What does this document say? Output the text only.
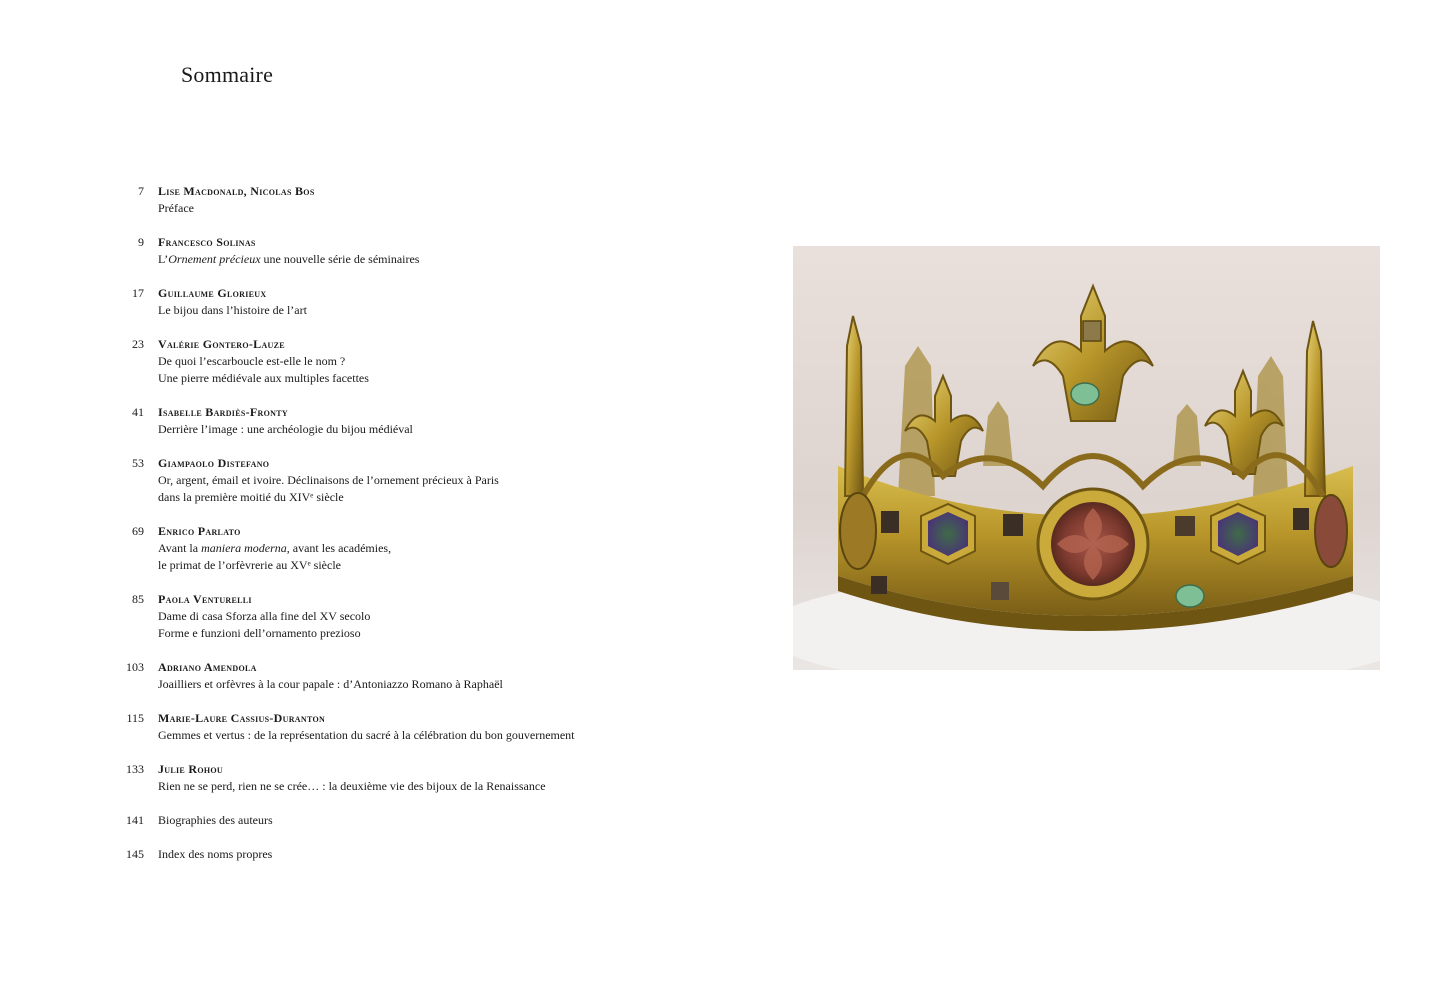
Sommaire
7 Lise Macdonald, Nicolas Bos
Préface
9 Francesco Solinas
L’Ornement précieux une nouvelle série de séminaires
17 Guillaume Glorieux
Le bijou dans l’histoire de l’art
23 Valérie Gontero-Lauze
De quoi l’escarboucle est-elle le nom ?
Une pierre médiévale aux multiples facettes
41 Isabelle Bardiès-Fronty
Derrière l’image : une archéologie du bijou médiéval
53 Giampaolo Distefano
Or, argent, émail et ivoire. Déclinaisons de l’ornement précieux à Paris
dans la première moitié du XIVᵉ siècle
69 Enrico Parlato
Avant la maniera moderna, avant les académies,
le primat de l’orfèvrerie au XVᵉ siècle
85 Paola Venturelli
Dame di casa Sforza alla fine del XV secolo
Forme e funzioni dell’ornamento prezioso
103 Adriano Amendola
Joailliers et orfèvres à la cour papale : d’Antoniazzo Romano à Raphaël
115 Marie-Laure Cassius-Duranton
Gemmes et vertus : de la représentation du sacré à la célébration du bon gouvernement
133 Julie Rohou
Rien ne se perd, rien ne se crée… : la deuxième vie des bijoux de la Renaissance
141 Biographies des auteurs
145 Index des noms propres
